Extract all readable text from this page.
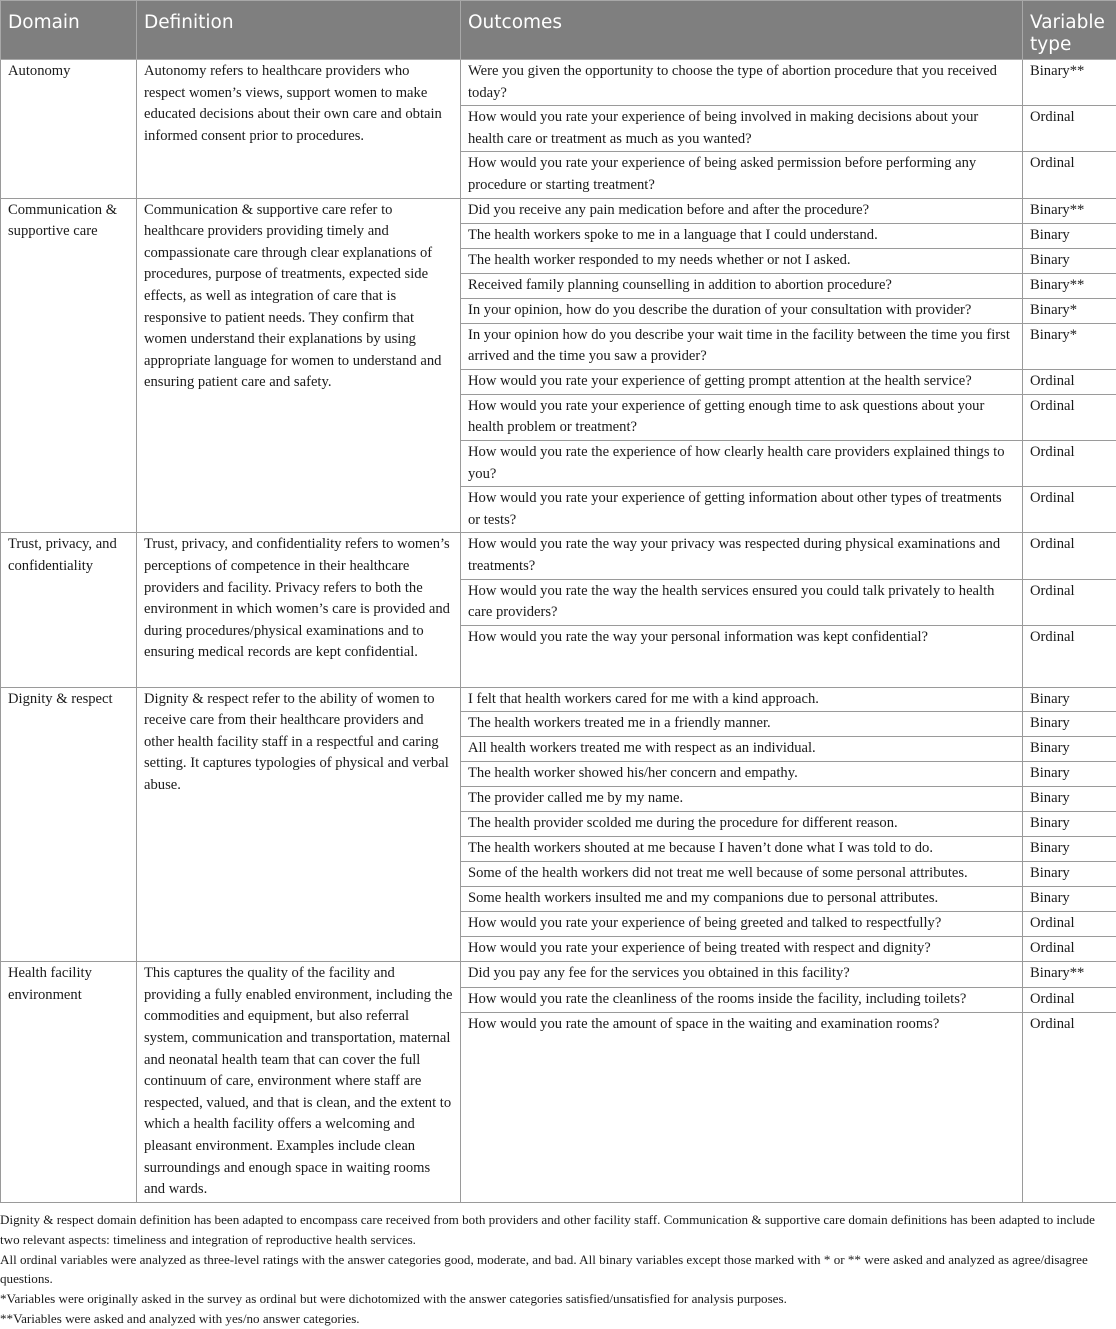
Domain	Definition	Outcomes	Variable type
Autonomy	Autonomy refers to healthcare providers who respect women’s views, support women to make educated decisions about their own care and obtain informed consent prior to procedures.	Were you given the opportunity to choose the type of abortion procedure that you received today?	Binary**
		How would you rate your experience of being involved in making decisions about your health care or treatment as much as you wanted?	Ordinal
		How would you rate your experience of being asked permission before performing any procedure or starting treatment?	Ordinal
Communication & supportive care	Communication & supportive care refer to healthcare providers providing timely and compassionate care through clear explanations of procedures, purpose of treatments, expected side effects, as well as integration of care that is responsive to patient needs. They confirm that women understand their explanations by using appropriate language for women to understand and ensuring patient care and safety.	Did you receive any pain medication before and after the procedure?	Binary**
		The health workers spoke to me in a language that I could understand.	Binary
		The health worker responded to my needs whether or not I asked.	Binary
		Received family planning counselling in addition to abortion procedure?	Binary**
		In your opinion, how do you describe the duration of your consultation with provider?	Binary*
		In your opinion how do you describe your wait time in the facility between the time you first arrived and the time you saw a provider?	Binary*
		How would you rate your experience of getting prompt attention at the health service?	Ordinal
		How would you rate your experience of getting enough time to ask questions about your health problem or treatment?	Ordinal
		How would you rate the experience of how clearly health care providers explained things to you?	Ordinal
		How would you rate your experience of getting information about other types of treatments or tests?	Ordinal
Trust, privacy, and confidentiality	Trust, privacy, and confidentiality refers to women’s perceptions of competence in their healthcare providers and facility. Privacy refers to both the environment in which women’s care is provided and during procedures/physical examinations and to ensuring medical records are kept confidential.	How would you rate the way your privacy was respected during physical examinations and treatments?	Ordinal
		How would you rate the way the health services ensured you could talk privately to health care providers?	Ordinal
		How would you rate the way your personal information was kept confidential?	Ordinal
Dignity & respect	Dignity & respect refer to the ability of women to receive care from their healthcare providers and other health facility staff in a respectful and caring setting. It captures typologies of physical and verbal abuse.	I felt that health workers cared for me with a kind approach.	Binary
		The health workers treated me in a friendly manner.	Binary
		All health workers treated me with respect as an individual.	Binary
		The health worker showed his/her concern and empathy.	Binary
		The provider called me by my name.	Binary
		The health provider scolded me during the procedure for different reason.	Binary
		The health workers shouted at me because I haven’t done what I was told to do.	Binary
		Some of the health workers did not treat me well because of some personal attributes.	Binary
		Some health workers insulted me and my companions due to personal attributes.	Binary
		How would you rate your experience of being greeted and talked to respectfully?	Ordinal
		How would you rate your experience of being treated with respect and dignity?	Ordinal
Health facility environment	This captures the quality of the facility and providing a fully enabled environment, including the commodities and equipment, but also referral system, communication and transportation, maternal and neonatal health team that can cover the full continuum of care, environment where staff are respected, valued, and that is clean, and the extent to which a health facility offers a welcoming and pleasant environment. Examples include clean surroundings and enough space in waiting rooms and wards.	Did you pay any fee for the services you obtained in this facility?	Binary**
		How would you rate the cleanliness of the rooms inside the facility, including toilets?	Ordinal
		How would you rate the amount of space in the waiting and examination rooms?	Ordinal

Dignity & respect domain definition has been adapted to encompass care received from both providers and other facility staff. Communication & supportive care domain definitions has been adapted to include two relevant aspects: timeliness and integration of reproductive health services.

All ordinal variables were analyzed as three-level ratings with the answer categories good, moderate, and bad. All binary variables except those marked with * or ** were asked and analyzed as agree/disagree questions.

*Variables were originally asked in the survey as ordinal but were dichotomized with the answer categories satisfied/unsatisfied for analysis purposes.

**Variables were asked and analyzed with yes/no answer categories.
